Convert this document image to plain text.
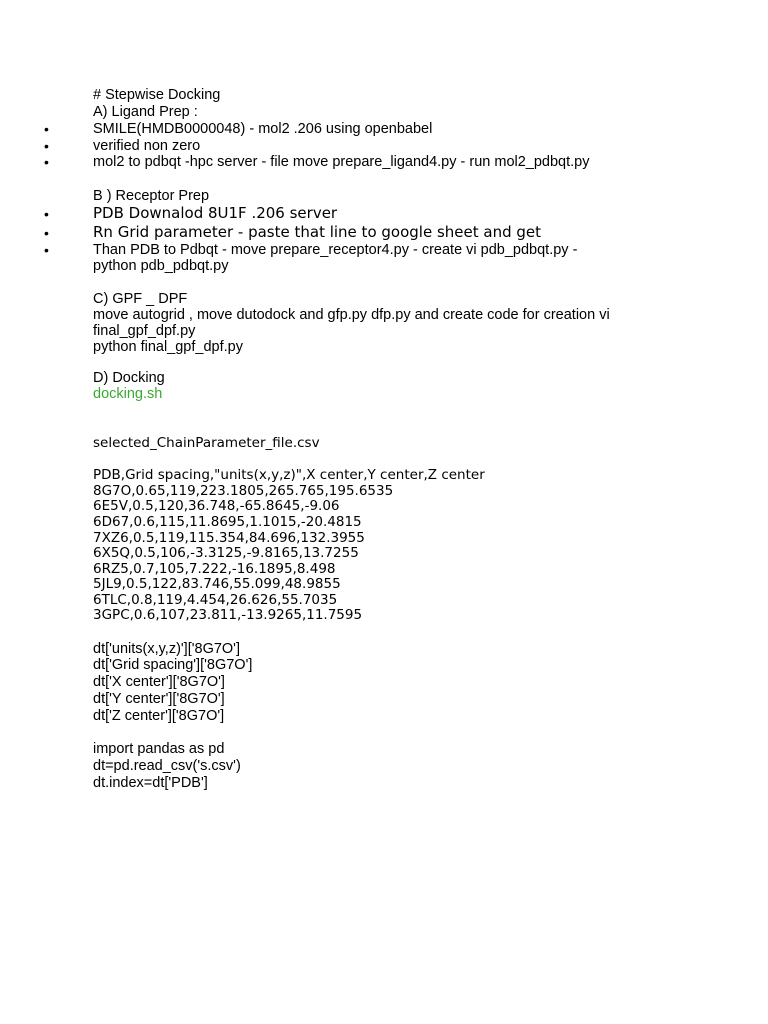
# Stepwise Docking
A) Ligand Prep :
•	SMILE(HMDB0000048) - mol2 .206 using openbabel
•	verified non zero
•	mol2 to pdbqt -hpc server - file move prepare_ligand4.py - run mol2_pdbqt.py
B ) Receptor Prep
•	PDB Downalod 8U1F .206 server
•	Rn Grid parameter - paste that line to google sheet and get
•	Than PDB to Pdbqt - move prepare_receptor4.py - create vi pdb_pdbqt.py -
python pdb_pdbqt.py
C) GPF _ DPF
move autogrid , move dutodock and gfp.py dfp.py and create code for creation vi
final_gpf_dpf.py
python final_gpf_dpf.py
D) Docking
docking.sh
selected_ChainParameter_file.csv
PDB,Grid spacing,"units(x,y,z)",X center,Y center,Z center
8G7O,0.65,119,223.1805,265.765,195.6535
6E5V,0.5,120,36.748,-65.8645,-9.06
6D67,0.6,115,11.8695,1.1015,-20.4815
7XZ6,0.5,119,115.354,84.696,132.3955
6X5Q,0.5,106,-3.3125,-9.8165,13.7255
6RZ5,0.7,105,7.222,-16.1895,8.498
5JL9,0.5,122,83.746,55.099,48.9855
6TLC,0.8,119,4.454,26.626,55.7035
3GPC,0.6,107,23.811,-13.9265,11.7595
dt['units(x,y,z)']['8G7O']
dt['Grid spacing']['8G7O']
dt['X center']['8G7O']
dt['Y center']['8G7O']
dt['Z center']['8G7O']
import pandas as pd
dt=pd.read_csv('s.csv')
dt.index=dt['PDB']
